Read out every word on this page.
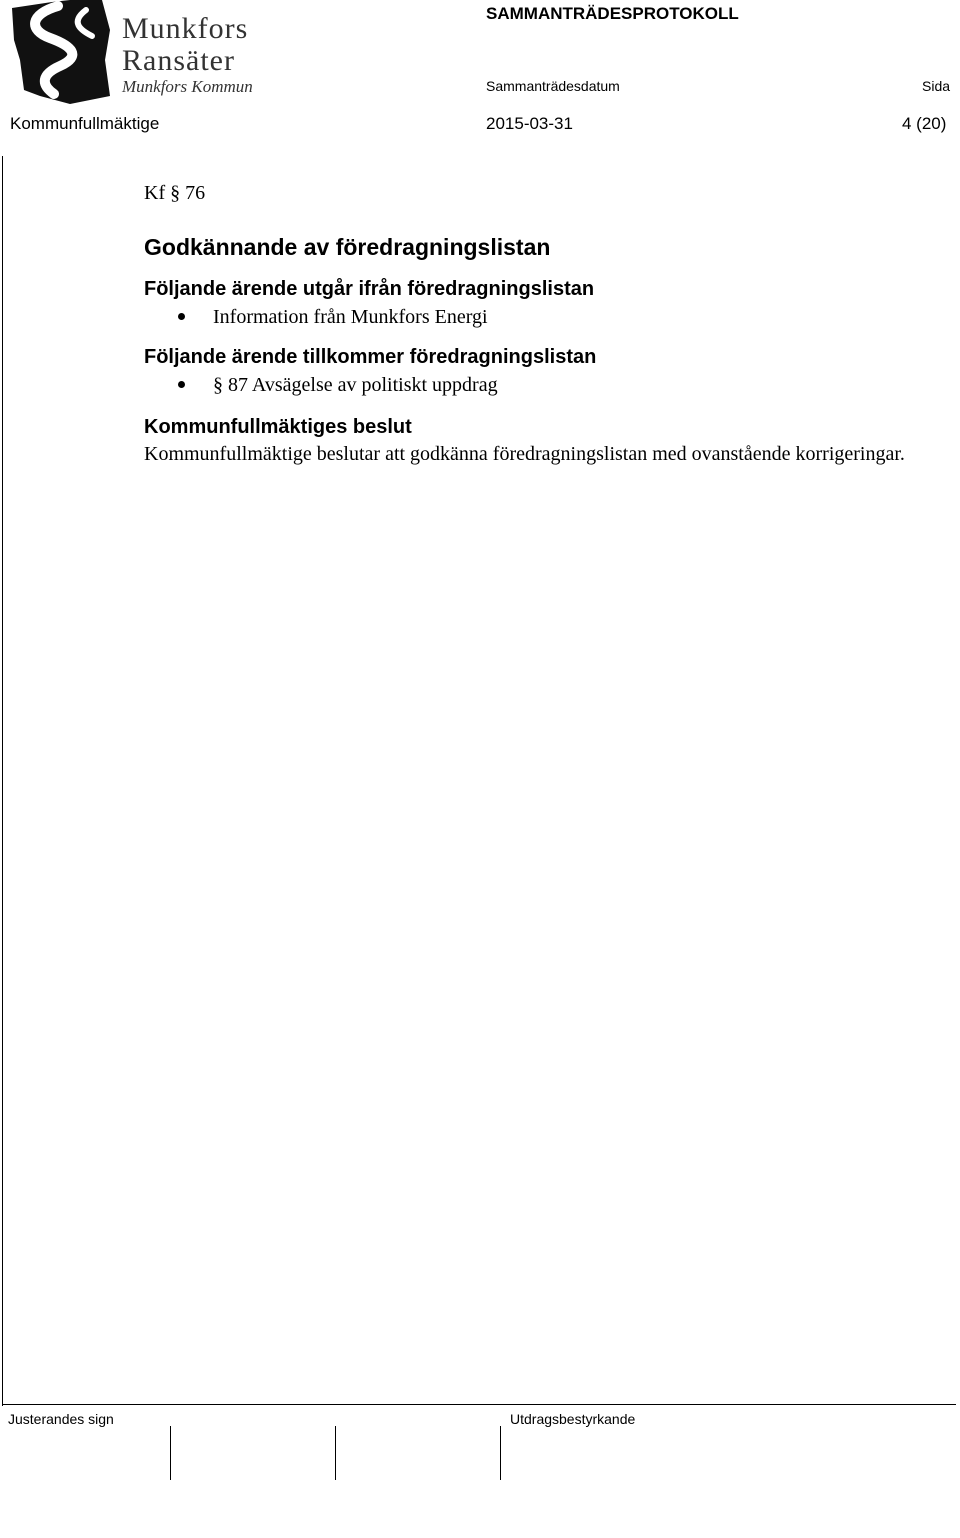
Munkfors
Ransäter
Munkfors Kommun
SAMMANTRÄDESPROTOKOLL
Sammanträdesdatum	Sida
Kommunfullmäktige	2015-03-31	4 (20)

Kf § 76

Godkännande av föredragningslistan
Följande ärende utgår ifrån föredragningslistan
Information från Munkfors Energi
Följande ärende tillkommer föredragningslistan
§ 87 Avsägelse av politiskt uppdrag
Kommunfullmäktiges beslut

Kommunfullmäktige beslutar att godkänna föredragningslistan med ovanstående korrigeringar.

Justerandes sign	Utdragsbestyrkande
